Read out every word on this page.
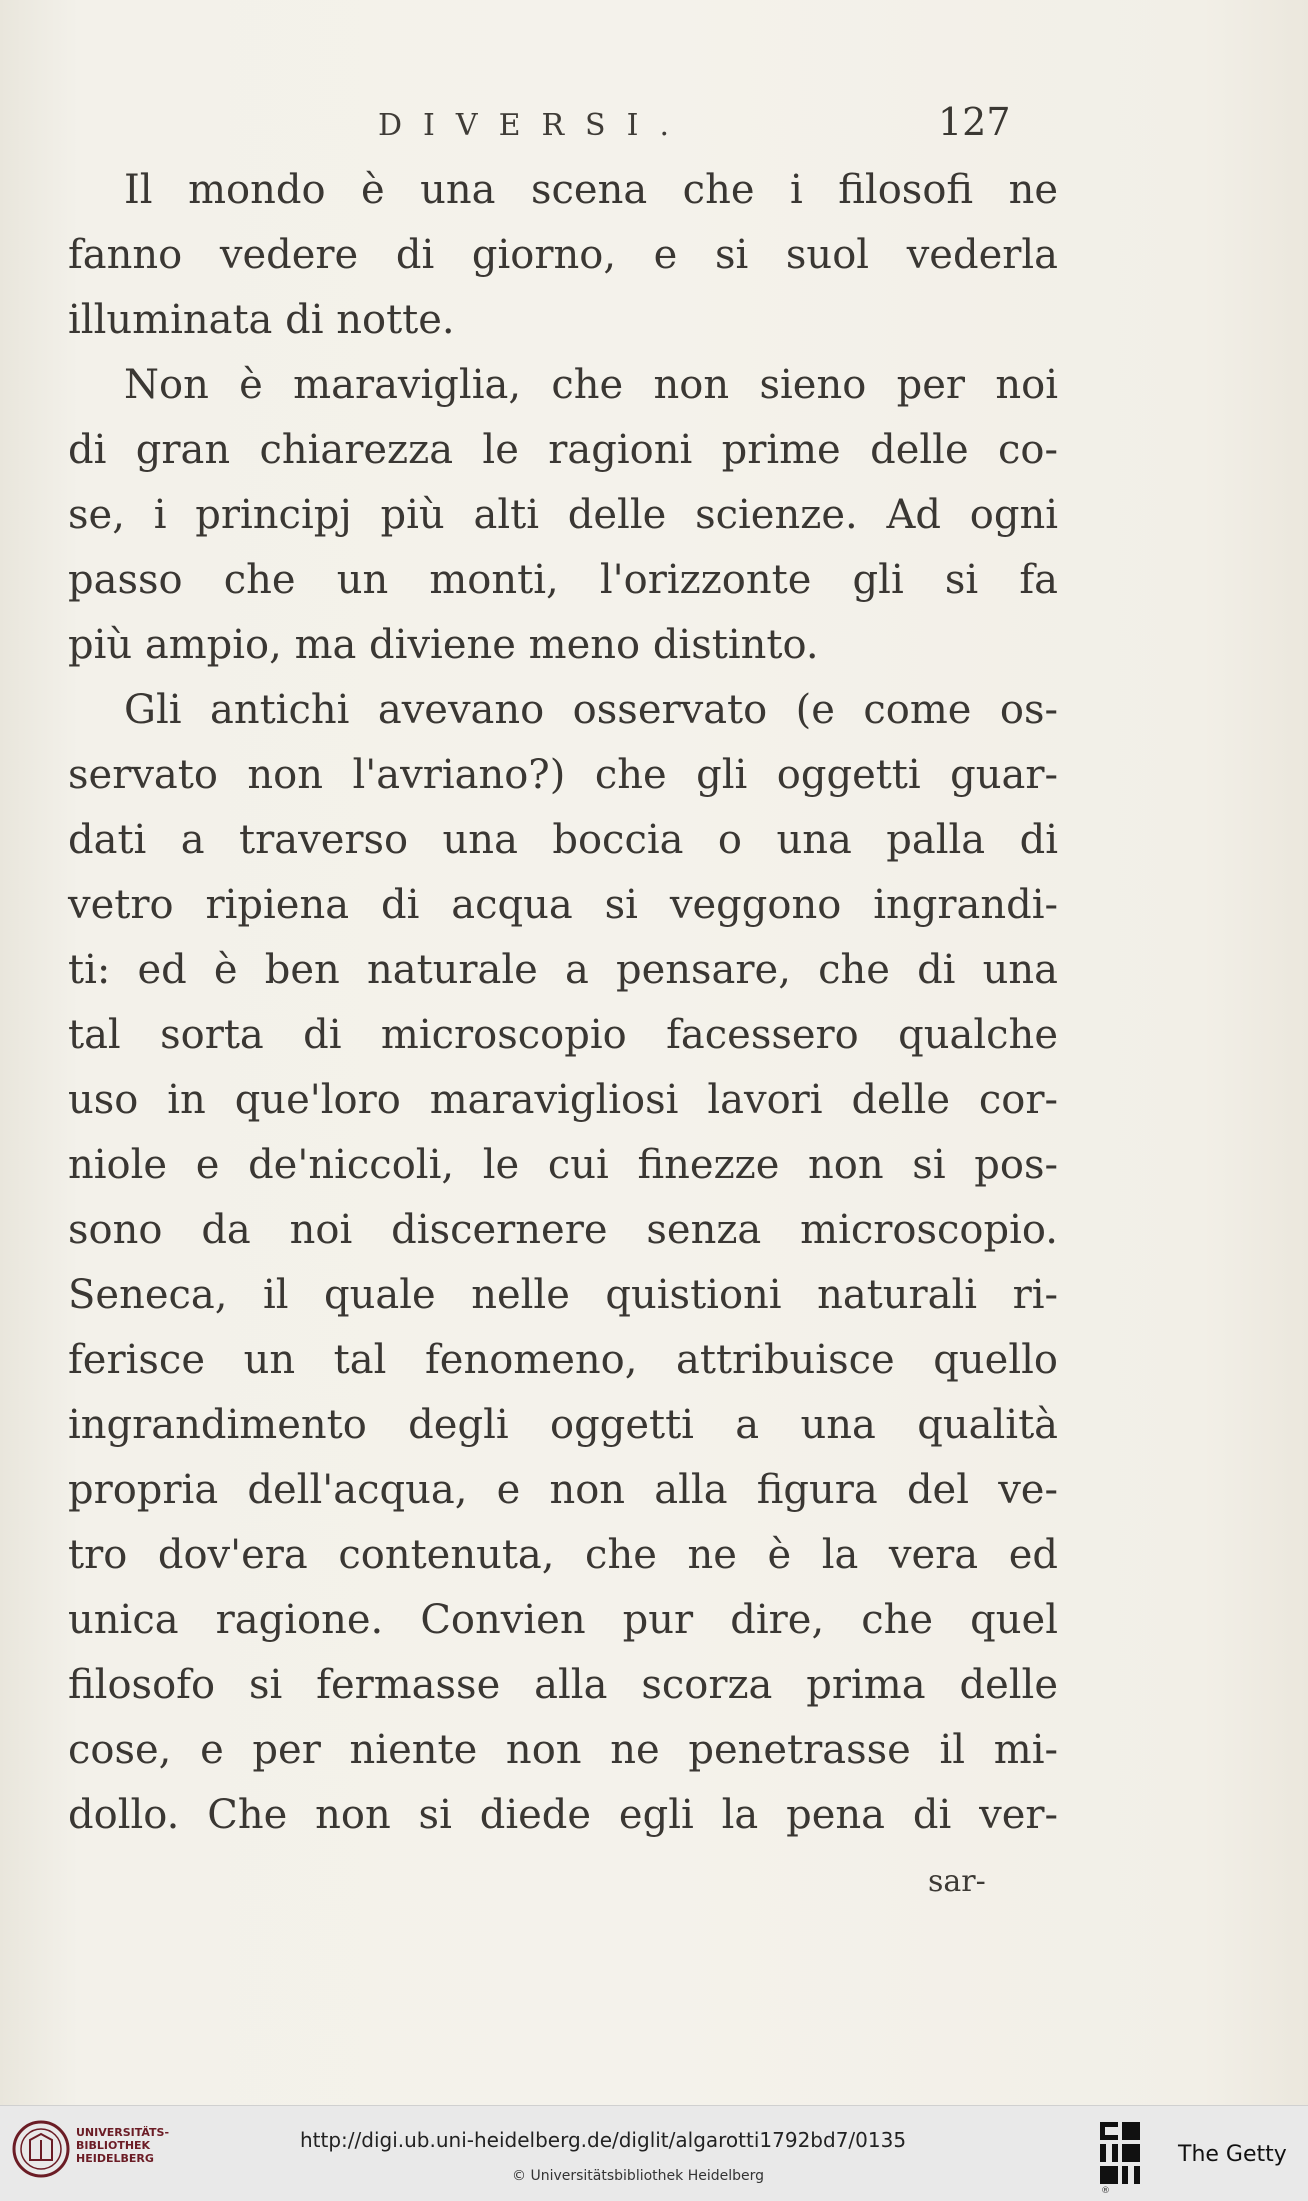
DIVERSI.	127
Il mondo è una scena che i filosofi ne
fanno vedere di giorno, e si suol vederla
illuminata di notte.
Non è maraviglia, che non sieno per noi
di gran chiarezza le ragioni prime delle co-
se, i principj più alti delle scienze. Ad ogni
passo che un monti, l'orizzonte gli si fa
più ampio, ma diviene meno distinto.
Gli antichi avevano osservato (e come os-
servato non l'avriano?) che gli oggetti guar-
dati a traverso una boccia o una palla di
vetro ripiena di acqua si veggono ingrandi-
ti: ed è ben naturale a pensare, che di una
tal sorta di microscopio facessero qualche
uso in que'loro maravigliosi lavori delle cor-
niole e de'niccoli, le cui finezze non si pos-
sono da noi discernere senza microscopio.
Seneca, il quale nelle quistioni naturali ri-
ferisce un tal fenomeno, attribuisce quello
ingrandimento degli oggetti a una qualità
propria dell'acqua, e non alla figura del ve-
tro dov'era contenuta, che ne è la vera ed
unica ragione. Convien pur dire, che quel
filosofo si fermasse alla scorza prima delle
cose, e per niente non ne penetrasse il mi-
dollo. Che non si diede egli la pena di ver-
sar-
UNIVERSITÄTS-
BIBLIOTHEK
HEIDELBERG
http://digi.ub.uni-heidelberg.de/diglit/algarotti1792bd7/0135
© Universitätsbibliothek Heidelberg
®
The Getty
